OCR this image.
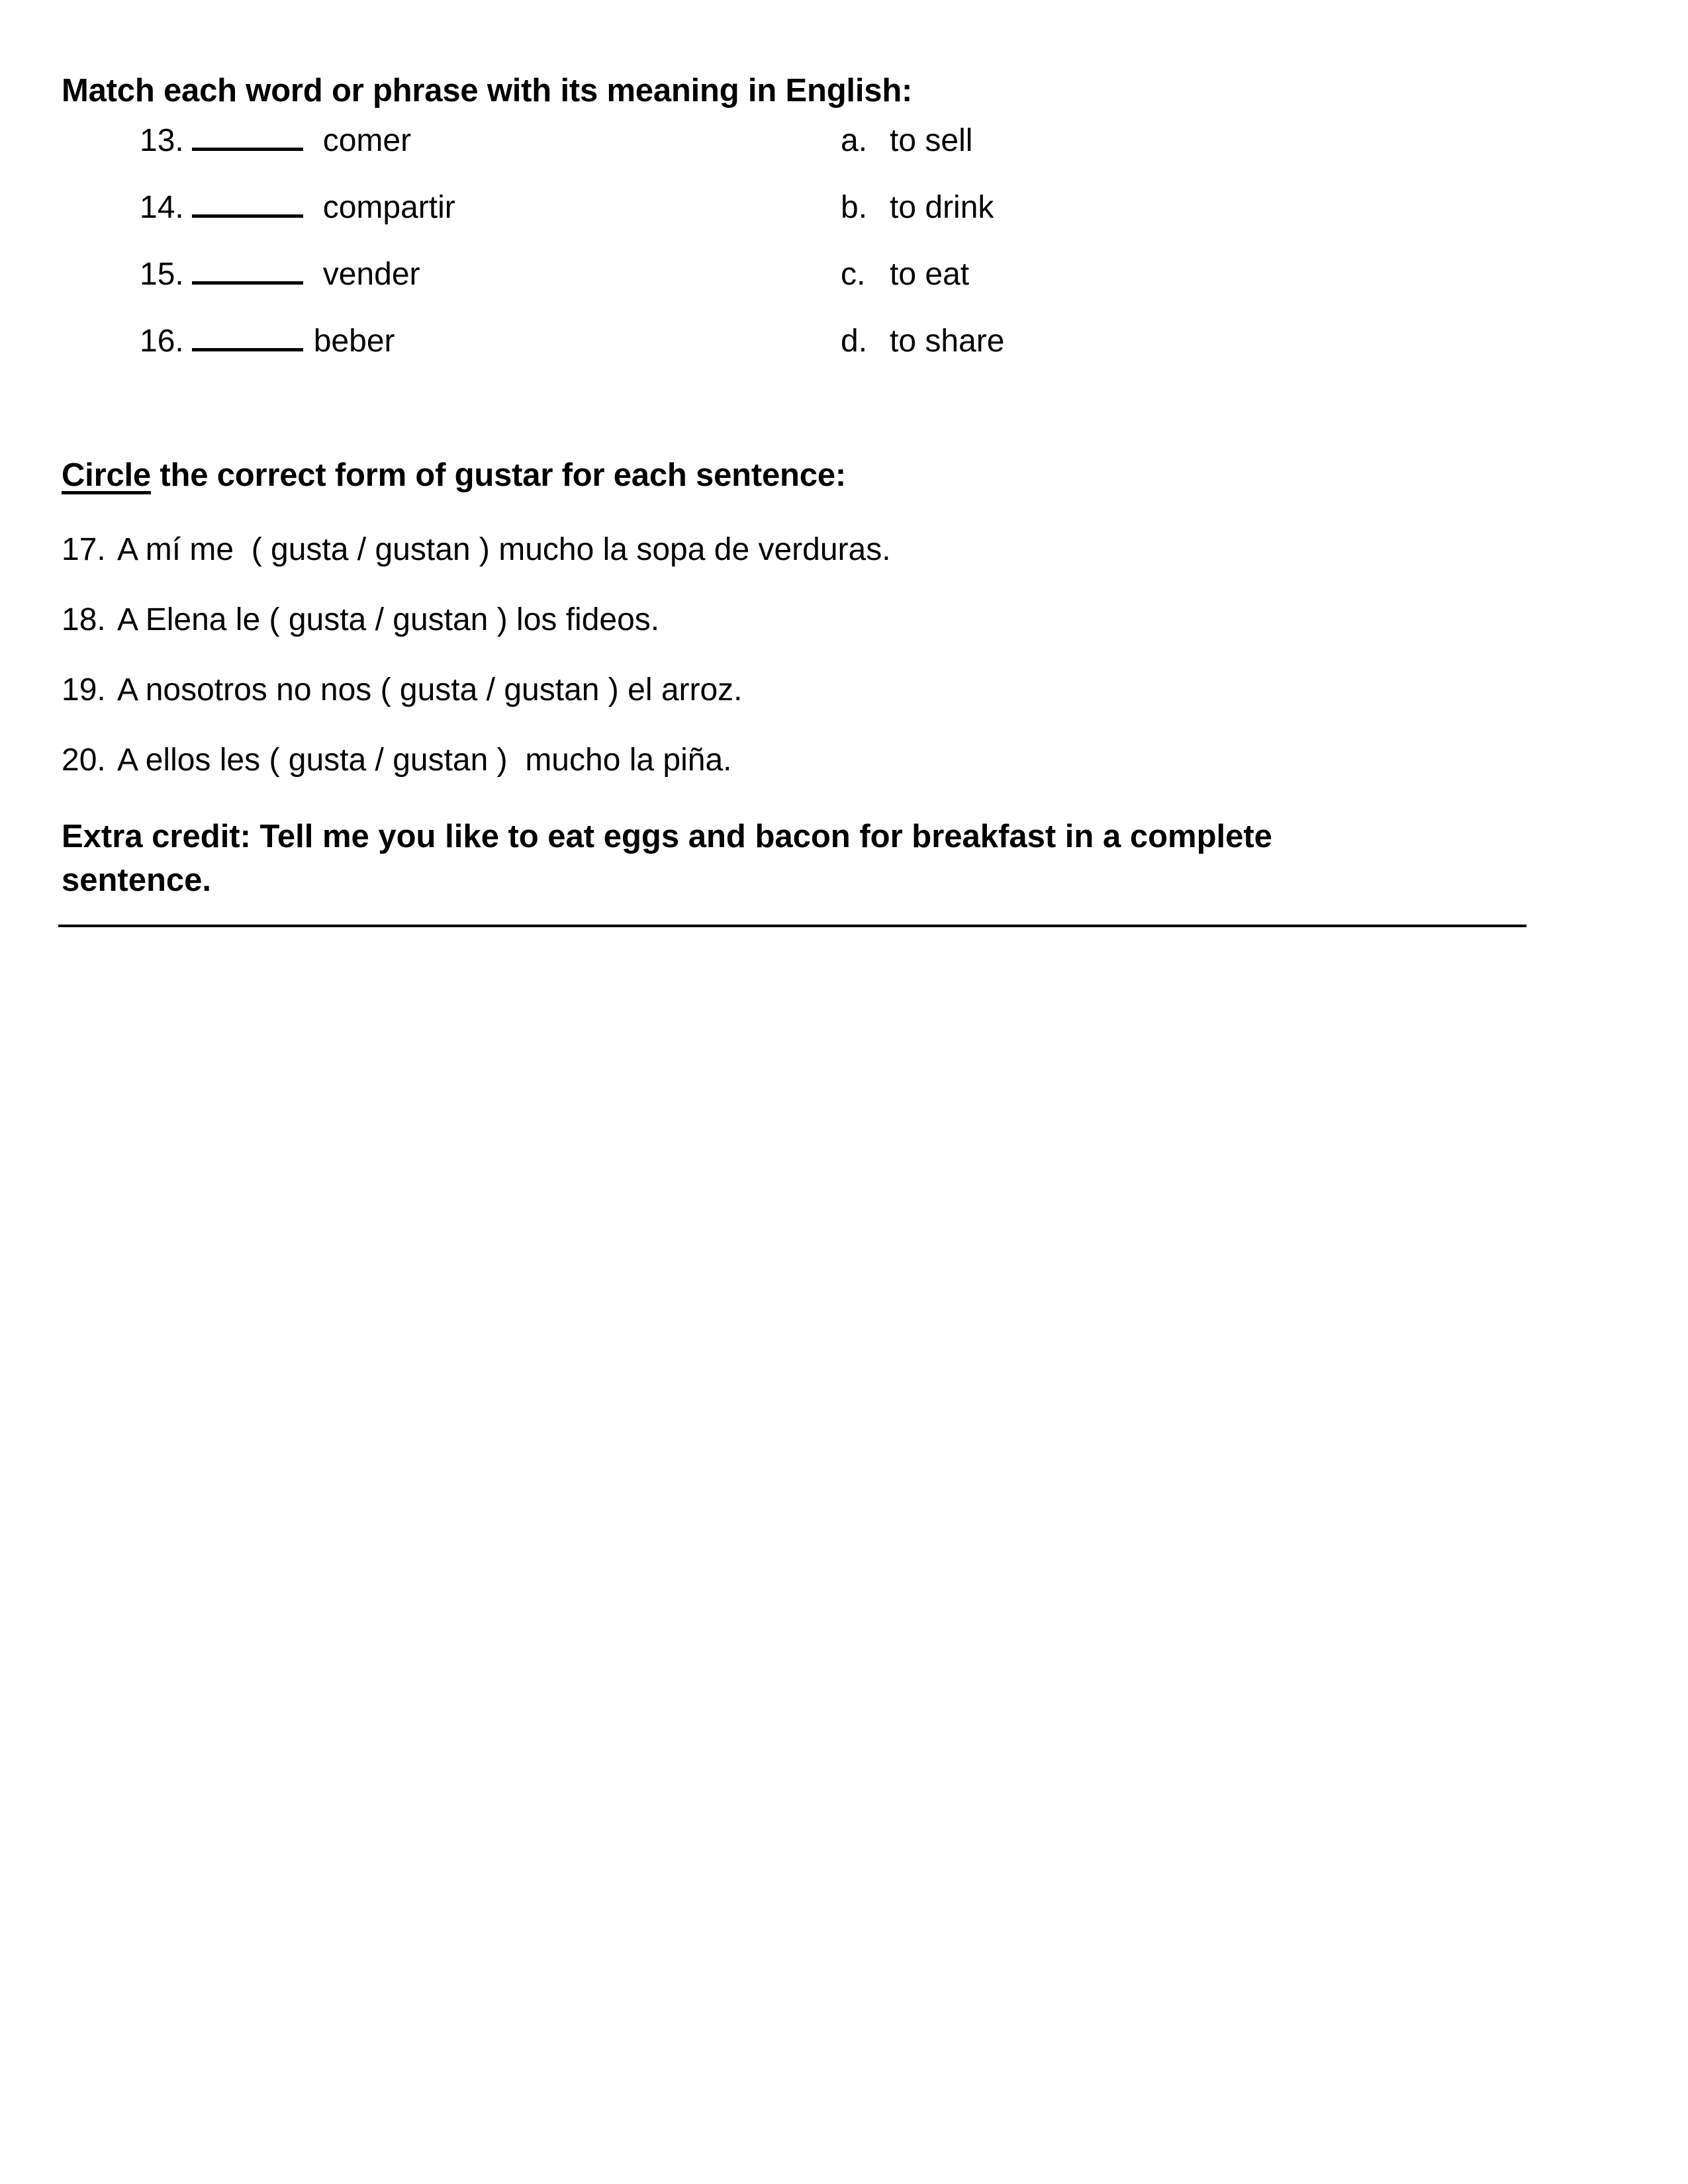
Match each word or phrase with its meaning in English:
13.	comer	a. to sell
14.	compartir	b. to drink
15.	vender	c. to eat
16.	beber	d. to share
Circle the correct form of gustar for each sentence:

17. A mí me  ( gusta / gustan ) mucho la sopa de verduras.

18. A Elena le ( gusta / gustan ) los fideos.

19. A nosotros no nos ( gusta / gustan ) el arroz.

20. A ellos les ( gusta / gustan )  mucho la piña.

Extra credit: Tell me you like to eat eggs and bacon for breakfast in a complete sentence.
